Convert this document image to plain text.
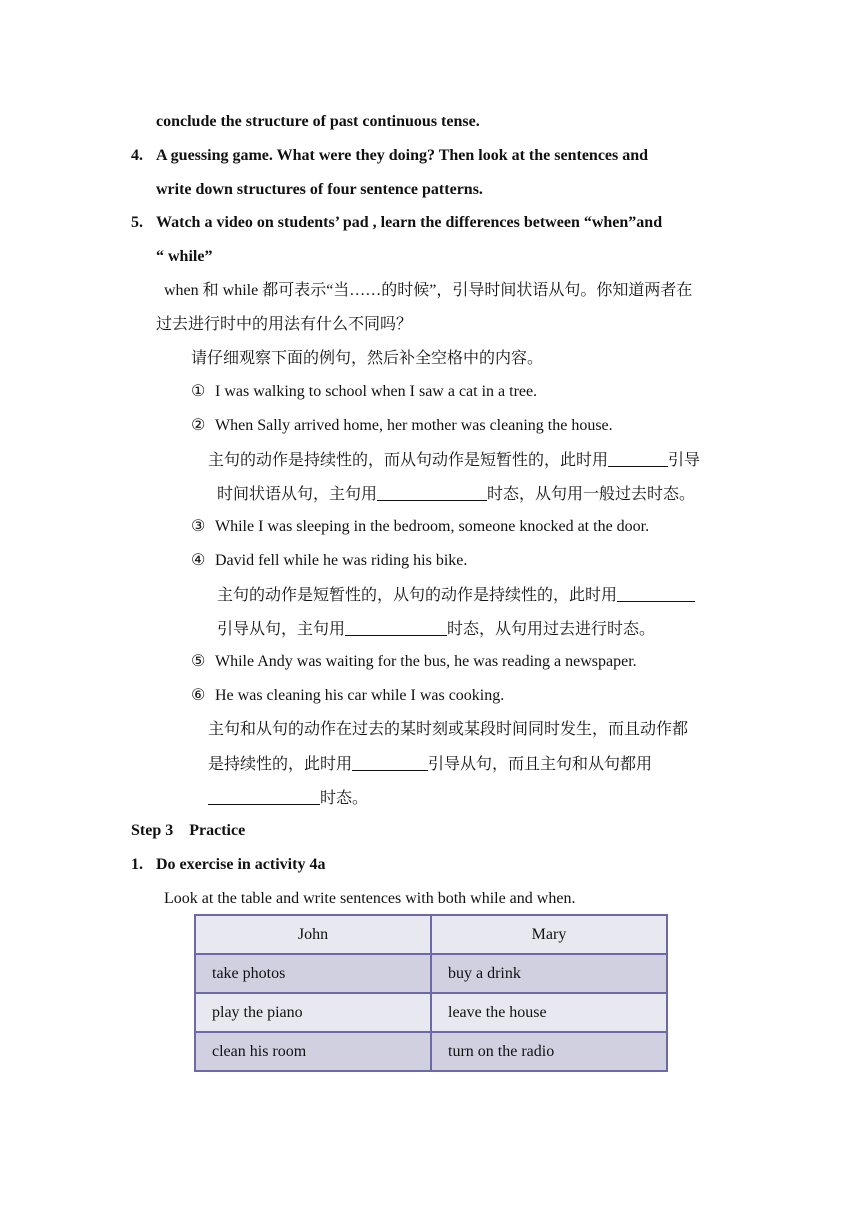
conclude the structure of past continuous tense.
4. A guessing game. What were they doing? Then look at the sentences and
write down structures of four sentence patterns.
5. Watch a video on students’ pad , learn the differences between “when”and
“ while”
when 和 while 都可表示“当……的时候”，引导时间状语从句。你知道两者在
过去进行时中的用法有什么不同吗？
请仔细观察下面的例句，然后补全空格中的内容。
① I was walking to school when I saw a cat in a tree.
② When Sally arrived home, her mother was cleaning the house.
主句的动作是持续性的，而从句动作是短暂性的，此时用	引导
时间状语从句，主句用	时态，从句用一般过去时态。
③ While I was sleeping in the bedroom, someone knocked at the door.
④ David fell while he was riding his bike.
主句的动作是短暂性的，从句的动作是持续性的，此时用
引导从句，主句用	时态，从句用过去进行时态。
⑤ While Andy was waiting for the bus, he was reading a newspaper.
⑥ He was cleaning his car while I was cooking.
主句和从句的动作在过去的某时刻或某段时间同时发生，而且动作都
是持续性的，此时用	引导从句，而且主句和从句都用
时态。
Step 3　Practice
1. Do exercise in activity 4a
Look at the table and write sentences with both while and when.
John	Mary
take photos	buy a drink
play the piano	leave the house
clean his room	turn on the radio
